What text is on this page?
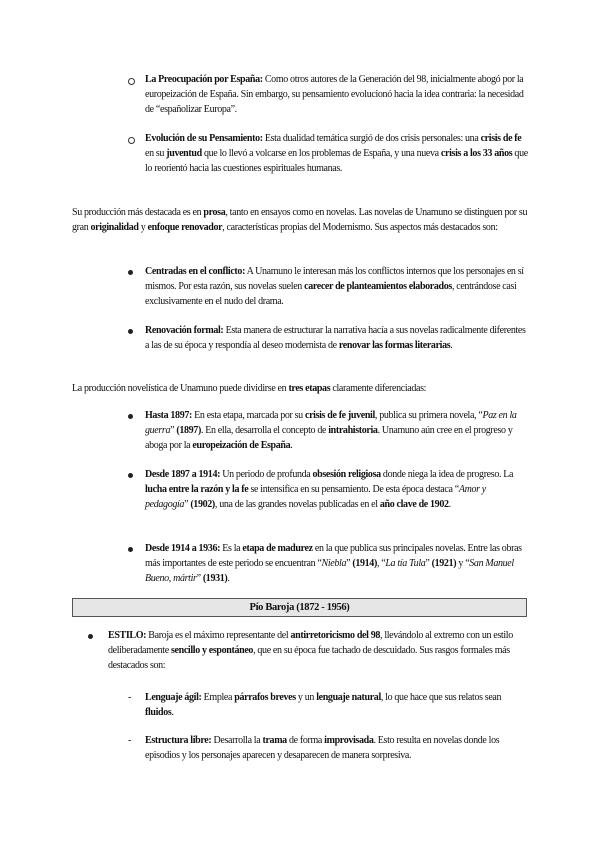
La Preocupación por España: Como otros autores de la Generación del 98, inicialmente abogó por la europeización de España. Sin embargo, su pensamiento evolucionó hacia la idea contraria: la necesidad de “españolizar Europa”.

Evolución de su Pensamiento: Esta dualidad temática surgió de dos crisis personales: una crisis de fe en su juventud que lo llevó a volcarse en los problemas de España, y una nueva crisis a los 33 años que lo reorientó hacia las cuestiones espirituales humanas.

Su producción más destacada es en prosa, tanto en ensayos como en novelas. Las novelas de Unamuno se distinguen por su gran originalidad y enfoque renovador, características propias del Modernismo. Sus aspectos más destacados son:

Centradas en el conflicto: A Unamuno le interesan más los conflictos internos que los personajes en sí mismos. Por esta razón, sus novelas suelen carecer de planteamientos elaborados, centrándose casi exclusivamente en el nudo del drama.

Renovación formal: Esta manera de estructurar la narrativa hacía a sus novelas radicalmente diferentes a las de su época y respondía al deseo modernista de renovar las formas literarias.

La producción novelística de Unamuno puede dividirse en tres etapas claramente diferenciadas:

Hasta 1897: En esta etapa, marcada por su crisis de fe juvenil, publica su primera novela, “Paz en la guerra” (1897). En ella, desarrolla el concepto de intrahistoria. Unamuno aún cree en el progreso y aboga por la europeización de España.

Desde 1897 a 1914: Un periodo de profunda obsesión religiosa donde niega la idea de progreso. La lucha entre la razón y la fe se intensifica en su pensamiento. De esta época destaca “Amor y pedagogía” (1902), una de las grandes novelas publicadas en el año clave de 1902.

Desde 1914 a 1936: Es la etapa de madurez en la que publica sus principales novelas. Entre las obras más importantes de este periodo se encuentran “Niebla” (1914), “La tía Tula” (1921) y “San Manuel Bueno, mártir” (1931).

Pío Baroja (1872 - 1956)

ESTILO: Baroja es el máximo representante del antirretoricismo del 98, llevándolo al extremo con un estilo deliberadamente sencillo y espontáneo, que en su época fue tachado de descuidado. Sus rasgos formales más destacados son:

- Lenguaje ágil: Emplea párrafos breves y un lenguaje natural, lo que hace que sus relatos sean fluidos.

- Estructura libre: Desarrolla la trama de forma improvisada. Esto resulta en novelas donde los episodios y los personajes aparecen y desaparecen de manera sorpresiva.
